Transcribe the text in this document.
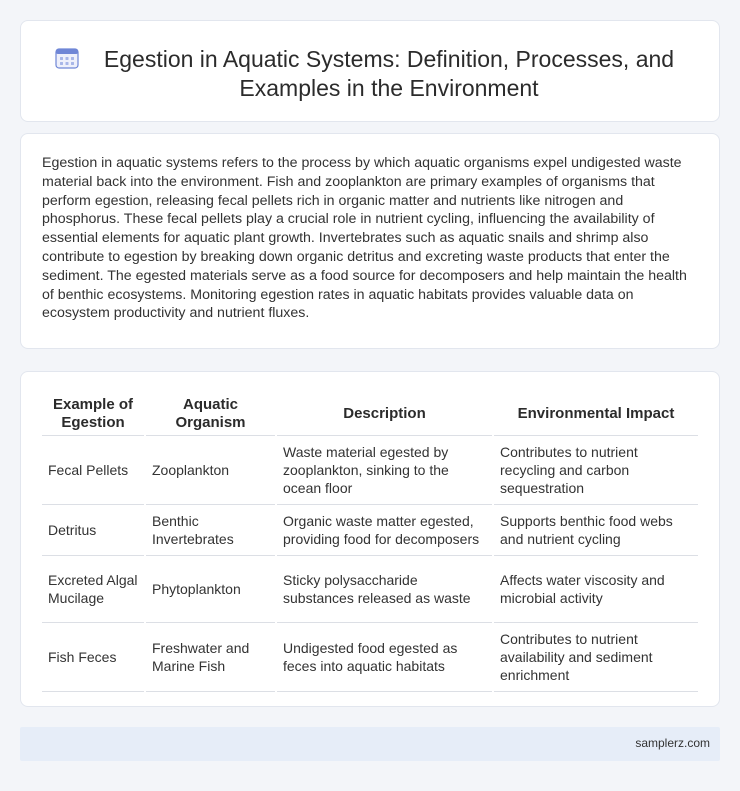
Egestion in Aquatic Systems: Definition, Processes, and Examples in the Environment

Egestion in aquatic systems refers to the process by which aquatic organisms expel undigested waste material back into the environment. Fish and zooplankton are primary examples of organisms that perform egestion, releasing fecal pellets rich in organic matter and nutrients like nitrogen and phosphorus. These fecal pellets play a crucial role in nutrient cycling, influencing the availability of essential elements for aquatic plant growth. Invertebrates such as aquatic snails and shrimp also contribute to egestion by breaking down organic detritus and excreting waste products that enter the sediment. The egested materials serve as a food source for decomposers and help maintain the health of benthic ecosystems. Monitoring egestion rates in aquatic habitats provides valuable data on ecosystem productivity and nutrient fluxes.

Example of Egestion	Aquatic Organism	Description	Environmental Impact
Fecal Pellets	Zooplankton	Waste material egested by zooplankton, sinking to the ocean floor	Contributes to nutrient recycling and carbon sequestration
Detritus	Benthic Invertebrates	Organic waste matter egested, providing food for decomposers	Supports benthic food webs and nutrient cycling
Excreted Algal Mucilage	Phytoplankton	Sticky polysaccharide substances released as waste	Affects water viscosity and microbial activity
Fish Feces	Freshwater and Marine Fish	Undigested food egested as feces into aquatic habitats	Contributes to nutrient availability and sediment enrichment
samplerz.com
